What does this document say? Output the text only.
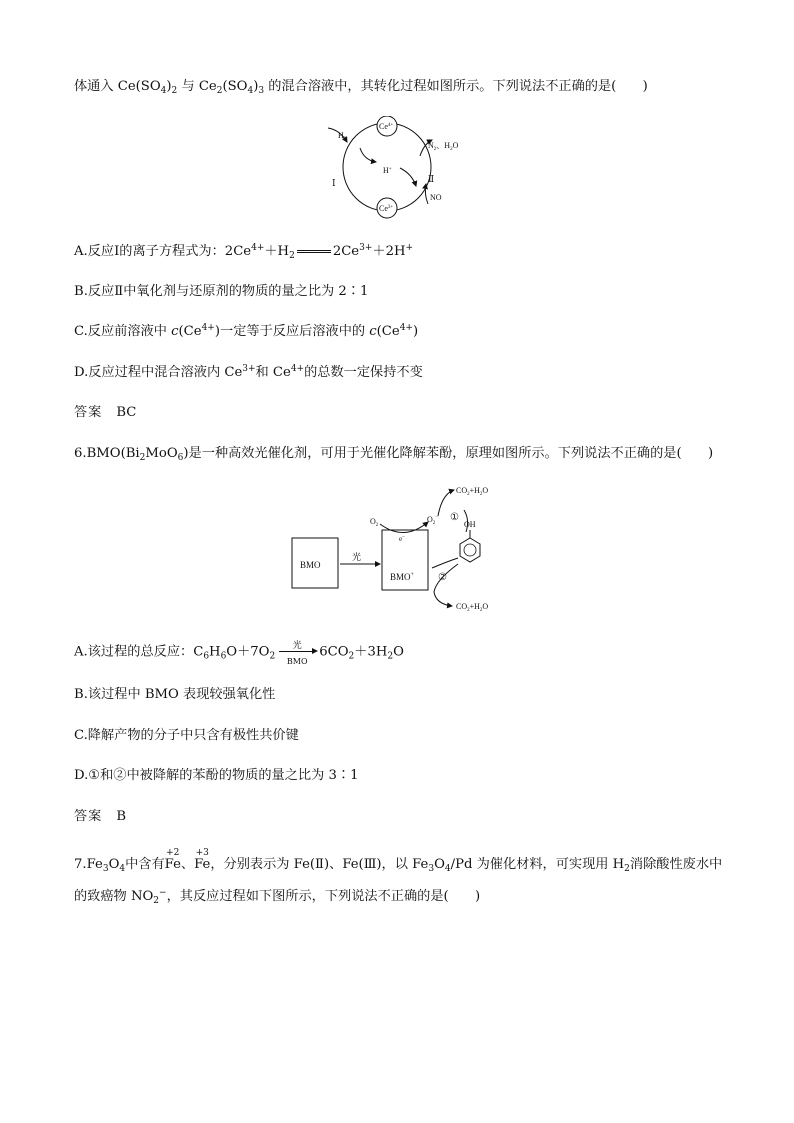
体通入 $Ce(SO_4)_2$ 与 $Ce_2(SO_4)_3$ 的混合溶液中，其转化过程如图所示。下列说法不正确的是(　　)
$Ce^{4+}$
$Ce^{3+}$
$H_2$
H+
$N_2$、$H_2O$
NO
Ⅰ	Ⅱ
A.反应Ⅰ的离子方程式为：$2Ce^{4+}+H_2$	$2Ce^{3+}+2H^+$
B.反应Ⅱ中氧化剂与还原剂的物质的量之比为 2∶1
C.反应前溶液中 $c(Ce^{4+})$一定等于反应后溶液中的 $c(Ce^{4+})$
D.反应过程中混合溶液内 $Ce^{3+}$和 $Ce^{4+}$的总数一定保持不变
答案 BC
$6.BMO(Bi_2MoO_6)$是一种高效光催化剂，可用于光催化降解苯酚，原理如图所示。下列说法不正确的是(　　)
BMO
光
BMO+
$O_2$
e−
$O_2^-$ ①
$CO_2+H_2O$
OH
②
$CO_2+H_2O$
A.该过程的总反应：$C_6H_6O+7O_2$
光
BMO
$6CO_2+3H_2O$
B.该过程中 BMO 表现较强氧化性
C.降解产物的分子中只含有极性共价键
D.①和②中被降解的苯酚的物质的量之比为 3∶1
答案 B
$7.Fe_3O_4$中含有
+2
Fe、
+3
Fe，分别表示为 Fe(Ⅱ)、Fe(Ⅲ)，以 $Fe_3O_4/Pd$ 为催化材料，可实现用 $H_2$消除酸性废水中
的致癌物 $NO_2^-$，其反应过程如下图所示，下列说法不正确的是(　　)
